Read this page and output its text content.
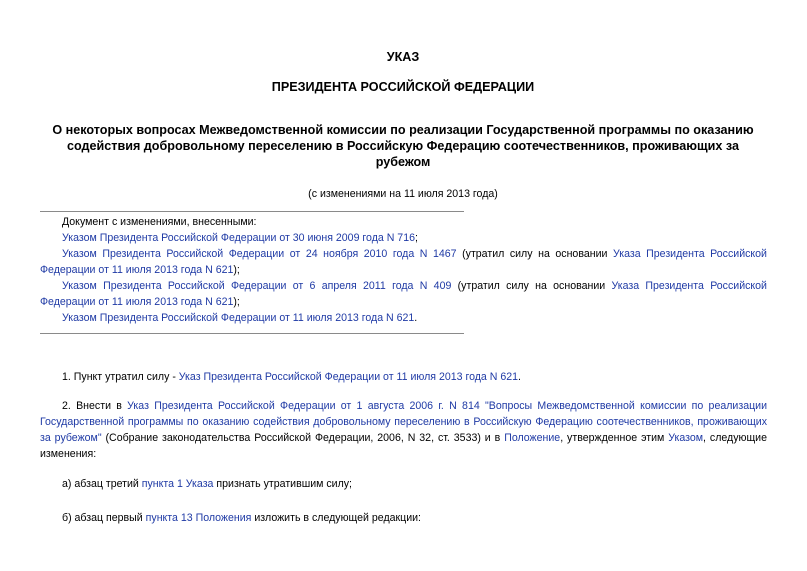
УКАЗ
ПРЕЗИДЕНТА РОССИЙСКОЙ ФЕДЕРАЦИИ
О некоторых вопросах Межведомственной комиссии по реализации Государственной программы по оказанию содействия добровольному переселению в Российскую Федерацию соотечественников, проживающих за рубежом
(с изменениями на 11 июля 2013 года)
Документ с изменениями, внесенными:
Указом Президента Российской Федерации от 30 июня 2009 года N 716;
Указом Президента Российской Федерации от 24 ноября 2010 года N 1467 (утратил силу на основании Указа Президента Российской Федерации от 11 июля 2013 года N 621);
Указом Президента Российской Федерации от 6 апреля 2011 года N 409 (утратил силу на основании Указа Президента Российской Федерации от 11 июля 2013 года N 621);
Указом Президента Российской Федерации от 11 июля 2013 года N 621.
1. Пункт утратил силу - Указ Президента Российской Федерации от 11 июля 2013 года N 621.
2. Внести в Указ Президента Российской Федерации от 1 августа 2006 г. N 814 "Вопросы Межведомственной комиссии по реализации Государственной программы по оказанию содействия добровольному переселению в Российскую Федерацию соотечественников, проживающих за рубежом" (Собрание законодательства Российской Федерации, 2006, N 32, ст. 3533) и в Положение, утвержденное этим Указом, следующие изменения:
а) абзац третий пункта 1 Указа признать утратившим силу;
б) абзац первый пункта 13 Положения изложить в следующей редакции:
